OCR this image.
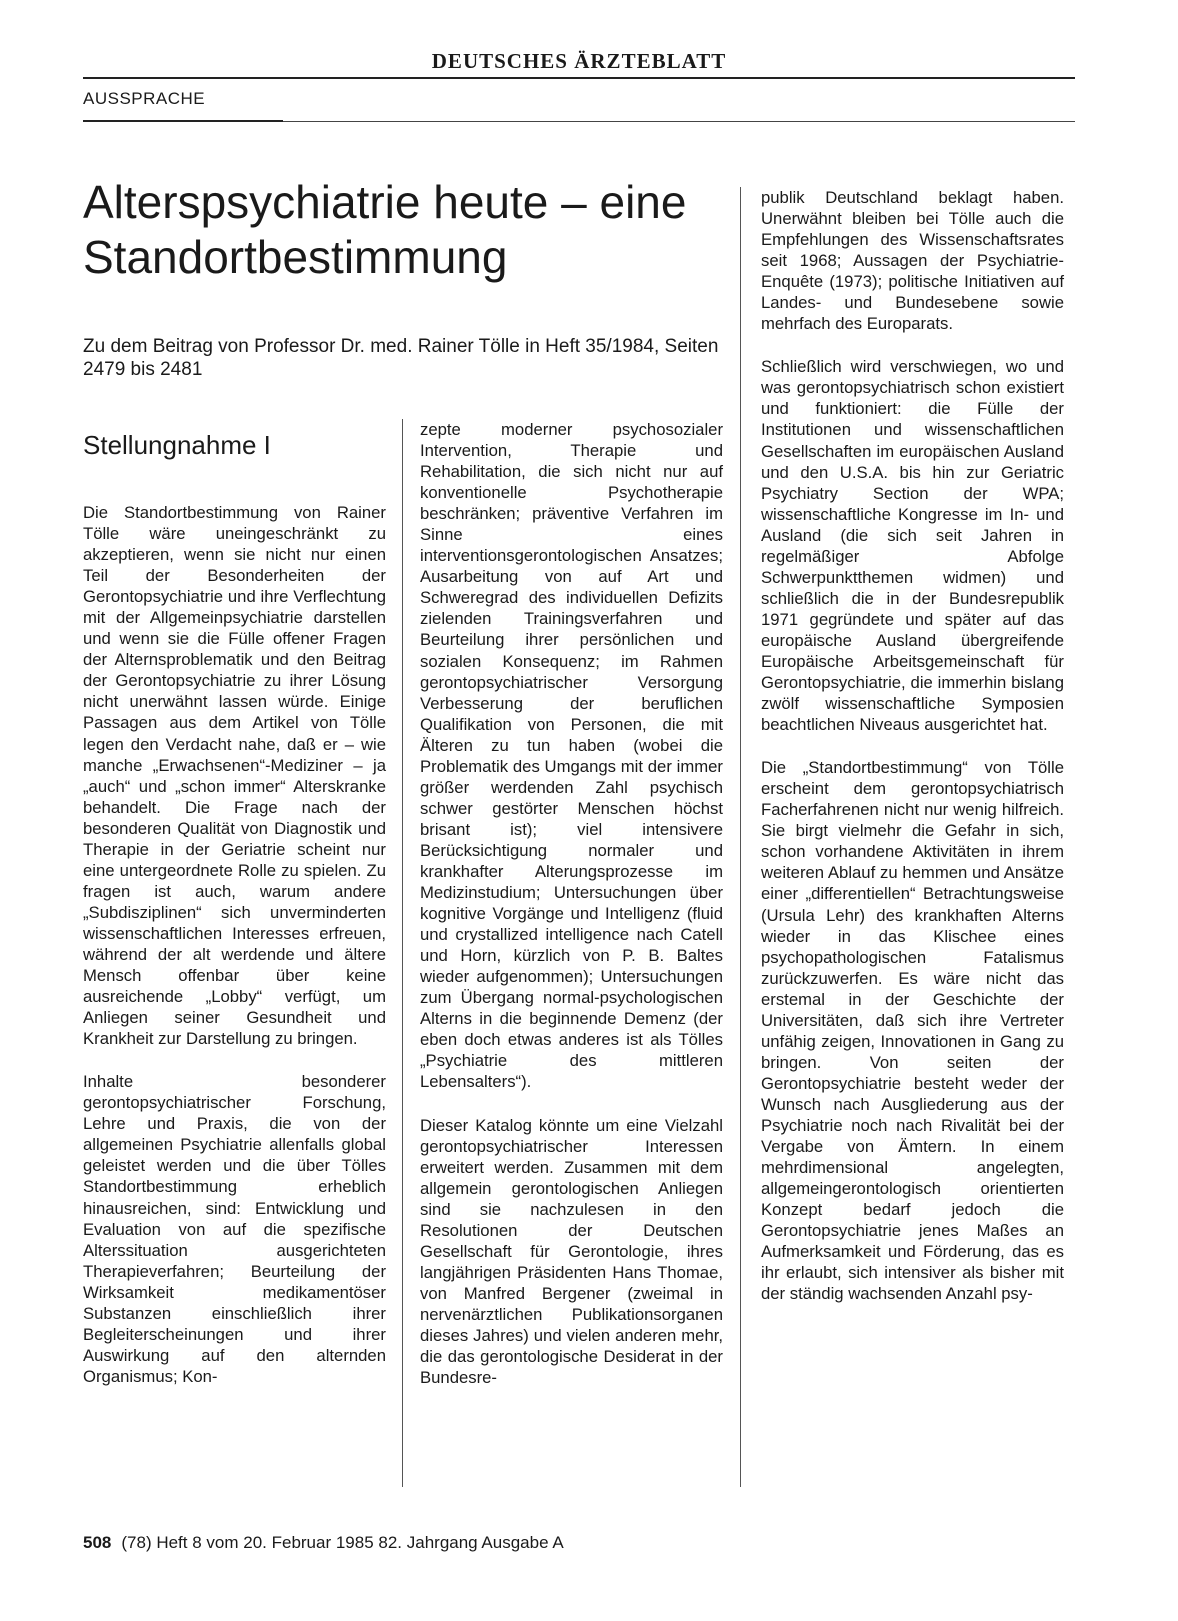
DEUTSCHES ÄRZTEBLATT
AUSSPRACHE
Alterspsychiatrie heute – eine Standortbestimmung
Zu dem Beitrag von Professor Dr. med. Rainer Tölle in Heft 35/1984, Seiten 2479 bis 2481
Stellungnahme I

Die Standortbestimmung von Rainer Tölle wäre uneingeschränkt zu akzeptieren, wenn sie nicht nur einen Teil der Besonderheiten der Gerontopsychiatrie und ihre Verflechtung mit der Allgemeinpsychiatrie darstellen und wenn sie die Fülle offener Fragen der Alternsproblematik und den Beitrag der Gerontopsychiatrie zu ihrer Lösung nicht unerwähnt lassen würde. Einige Passagen aus dem Artikel von Tölle legen den Verdacht nahe, daß er – wie manche „Erwachsenen“-Mediziner – ja „auch“ und „schon immer“ Alterskranke behandelt. Die Frage nach der besonderen Qualität von Diagnostik und Therapie in der Geriatrie scheint nur eine untergeordnete Rolle zu spielen. Zu fragen ist auch, warum andere „Subdisziplinen“ sich unverminderten wissenschaftlichen Interesses erfreuen, während der alt werdende und ältere Mensch offenbar über keine ausreichende „Lobby“ verfügt, um Anliegen seiner Gesundheit und Krankheit zur Darstellung zu bringen.

Inhalte besonderer gerontopsychiatrischer Forschung, Lehre und Praxis, die von der allgemeinen Psychiatrie allenfalls global geleistet werden und die über Tölles Standortbestimmung erheblich hinausreichen, sind: Entwicklung und Evaluation von auf die spezifische Alterssituation ausgerichteten Therapieverfahren; Beurteilung der Wirksamkeit medikamentöser Substanzen einschließlich ihrer Begleiterscheinungen und ihrer Auswirkung auf den alternden Organismus; Kon-

zepte moderner psychosozialer Intervention, Therapie und Rehabilitation, die sich nicht nur auf konventionelle Psychotherapie beschränken; präventive Verfahren im Sinne eines interventionsgerontologischen Ansatzes; Ausarbeitung von auf Art und Schweregrad des individuellen Defizits zielenden Trainingsverfahren und Beurteilung ihrer persönlichen und sozialen Konsequenz; im Rahmen gerontopsychiatrischer Versorgung Verbesserung der beruflichen Qualifikation von Personen, die mit Älteren zu tun haben (wobei die Problematik des Umgangs mit der immer größer werdenden Zahl psychisch schwer gestörter Menschen höchst brisant ist); viel intensivere Berücksichtigung normaler und krankhafter Alterungsprozesse im Medizinstudium; Untersuchungen über kognitive Vorgänge und Intelligenz (fluid und crystallized intelligence nach Catell und Horn, kürzlich von P. B. Baltes wieder aufgenommen); Untersuchungen zum Übergang normal-psychologischen Alterns in die beginnende Demenz (der eben doch etwas anderes ist als Tölles „Psychiatrie des mittleren Lebensalters“).

Dieser Katalog könnte um eine Vielzahl gerontopsychiatrischer Interessen erweitert werden. Zusammen mit dem allgemein gerontologischen Anliegen sind sie nachzulesen in den Resolutionen der Deutschen Gesellschaft für Gerontologie, ihres langjährigen Präsidenten Hans Thomae, von Manfred Bergener (zweimal in nervenärztlichen Publikationsorganen dieses Jahres) und vielen anderen mehr, die das gerontologische Desiderat in der Bundesre-

publik Deutschland beklagt haben. Unerwähnt bleiben bei Tölle auch die Empfehlungen des Wissenschaftsrates seit 1968; Aussagen der Psychiatrie-Enquête (1973); politische Initiativen auf Landes- und Bundesebene sowie mehrfach des Europarats.

Schließlich wird verschwiegen, wo und was gerontopsychiatrisch schon existiert und funktioniert: die Fülle der Institutionen und wissenschaftlichen Gesellschaften im europäischen Ausland und den U.S.A. bis hin zur Geriatric Psychiatry Section der WPA; wissenschaftliche Kongresse im In- und Ausland (die sich seit Jahren in regelmäßiger Abfolge Schwerpunktthemen widmen) und schließlich die in der Bundesrepublik 1971 gegründete und später auf das europäische Ausland übergreifende Europäische Arbeitsgemeinschaft für Gerontopsychiatrie, die immerhin bislang zwölf wissenschaftliche Symposien beachtlichen Niveaus ausgerichtet hat.

Die „Standortbestimmung“ von Tölle erscheint dem gerontopsychiatrisch Facherfahrenen nicht nur wenig hilfreich. Sie birgt vielmehr die Gefahr in sich, schon vorhandene Aktivitäten in ihrem weiteren Ablauf zu hemmen und Ansätze einer „differentiellen“ Betrachtungsweise (Ursula Lehr) des krankhaften Alterns wieder in das Klischee eines psychopathologischen Fatalismus zurückzuwerfen. Es wäre nicht das erstemal in der Geschichte der Universitäten, daß sich ihre Vertreter unfähig zeigen, Innovationen in Gang zu bringen. Von seiten der Gerontopsychiatrie besteht weder der Wunsch nach Ausgliederung aus der Psychiatrie noch nach Rivalität bei der Vergabe von Ämtern. In einem mehrdimensional angelegten, allgemeingerontologisch orientierten Konzept bedarf jedoch die Gerontopsychiatrie jenes Maßes an Aufmerksamkeit und Förderung, das es ihr erlaubt, sich intensiver als bisher mit der ständig wachsenden Anzahl psy-

508 (78) Heft 8 vom 20. Februar 1985 82. Jahrgang Ausgabe A
